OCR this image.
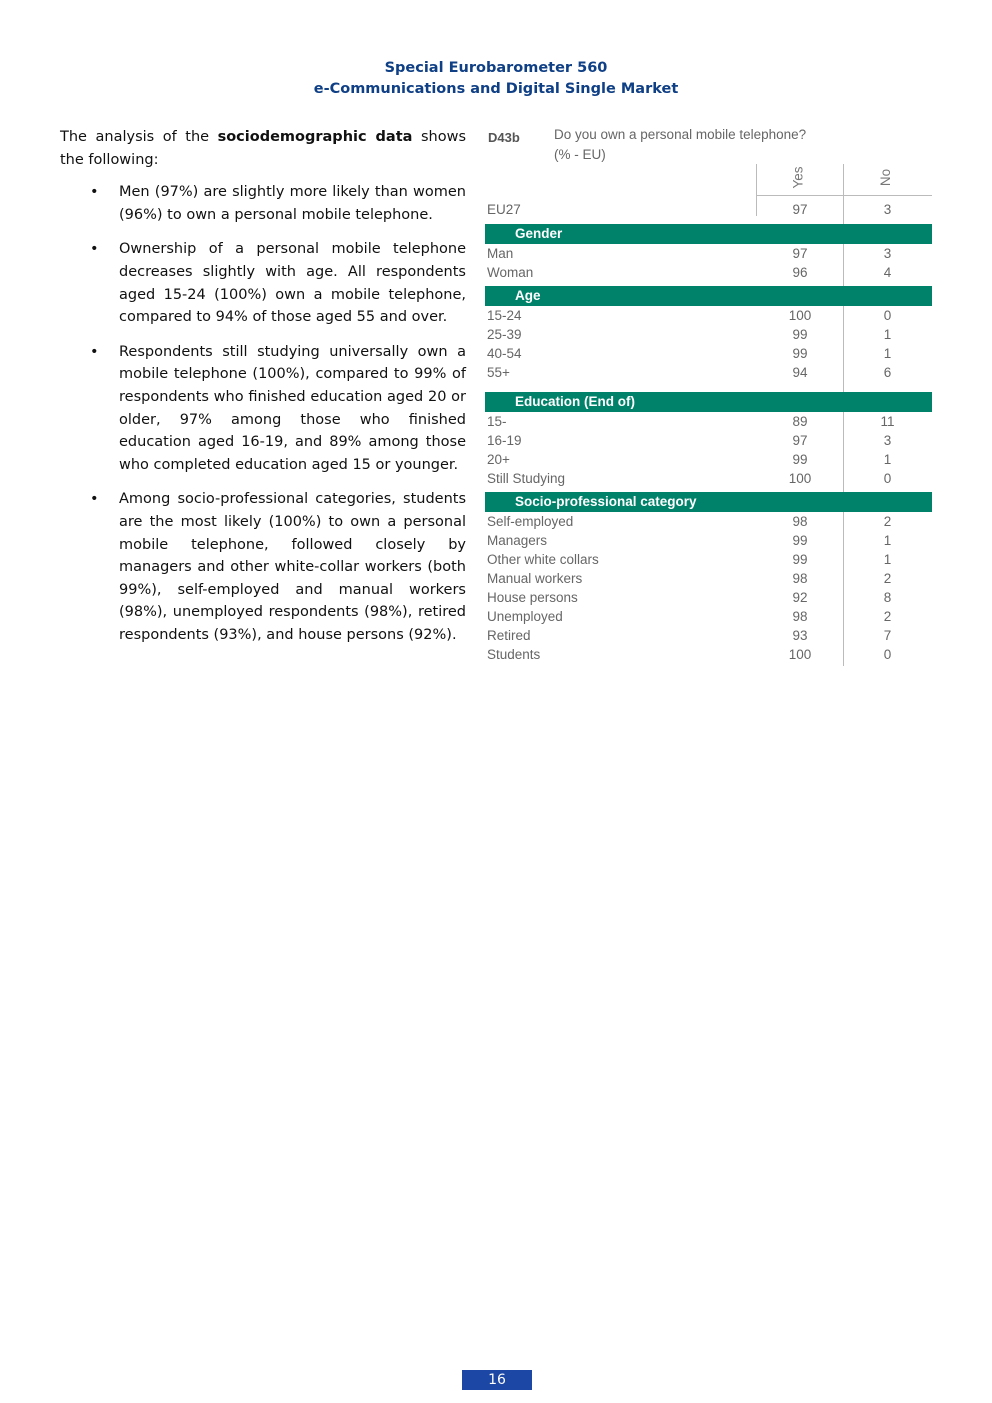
Special Eurobarometer 560
e-Communications and Digital Single Market

The analysis of the sociodemographic data shows the following:

• Men (97%) are slightly more likely than women (96%) to own a personal mobile telephone.
• Ownership of a personal mobile telephone decreases slightly with age. All respondents aged 15-24 (100%) own a mobile telephone, compared to 94% of those aged 55 and over.
• Respondents still studying universally own a mobile telephone (100%), compared to 99% of respondents who finished education aged 20 or older, 97% among those who finished education aged 16-19, and 89% among those who completed education aged 15 or younger.
• Among socio-professional categories, students are the most likely (100%) to own a personal mobile telephone, followed closely by managers and other white-collar workers (both 99%), self-employed and manual workers (98%), unemployed respondents (98%), retired respondents (93%), and house persons (92%).
D43b	Do you own a personal mobile telephone?
(% - EU)
Yes	No
EU27	97	3
Gender
Man	97	3
Woman	96	4
Age
15-24	100	0
25-39	99	1
40-54	99	1
55+	94	6
Education (End of)
15-	89	11
16-19	97	3
20+	99	1
Still Studying	100	0
Socio-professional category
Self-employed	98	2
Managers	99	1
Other white collars	99	1
Manual workers	98	2
House persons	92	8
Unemployed	98	2
Retired	93	7
Students	100	0
16
